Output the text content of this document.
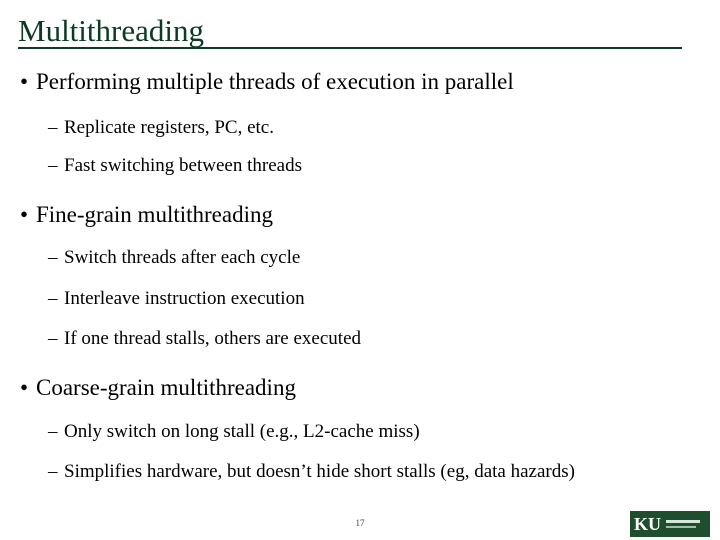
Multithreading
• Performing multiple threads of execution in parallel
– Replicate registers, PC, etc.
– Fast switching between threads
• Fine-grain multithreading
– Switch threads after each cycle
– Interleave instruction execution
– If one thread stalls, others are executed
• Coarse-grain multithreading
– Only switch on long stall (e.g., L2-cache miss)
– Simplifies hardware, but doesn’t hide short stalls (eg, data hazards)
17	KU
